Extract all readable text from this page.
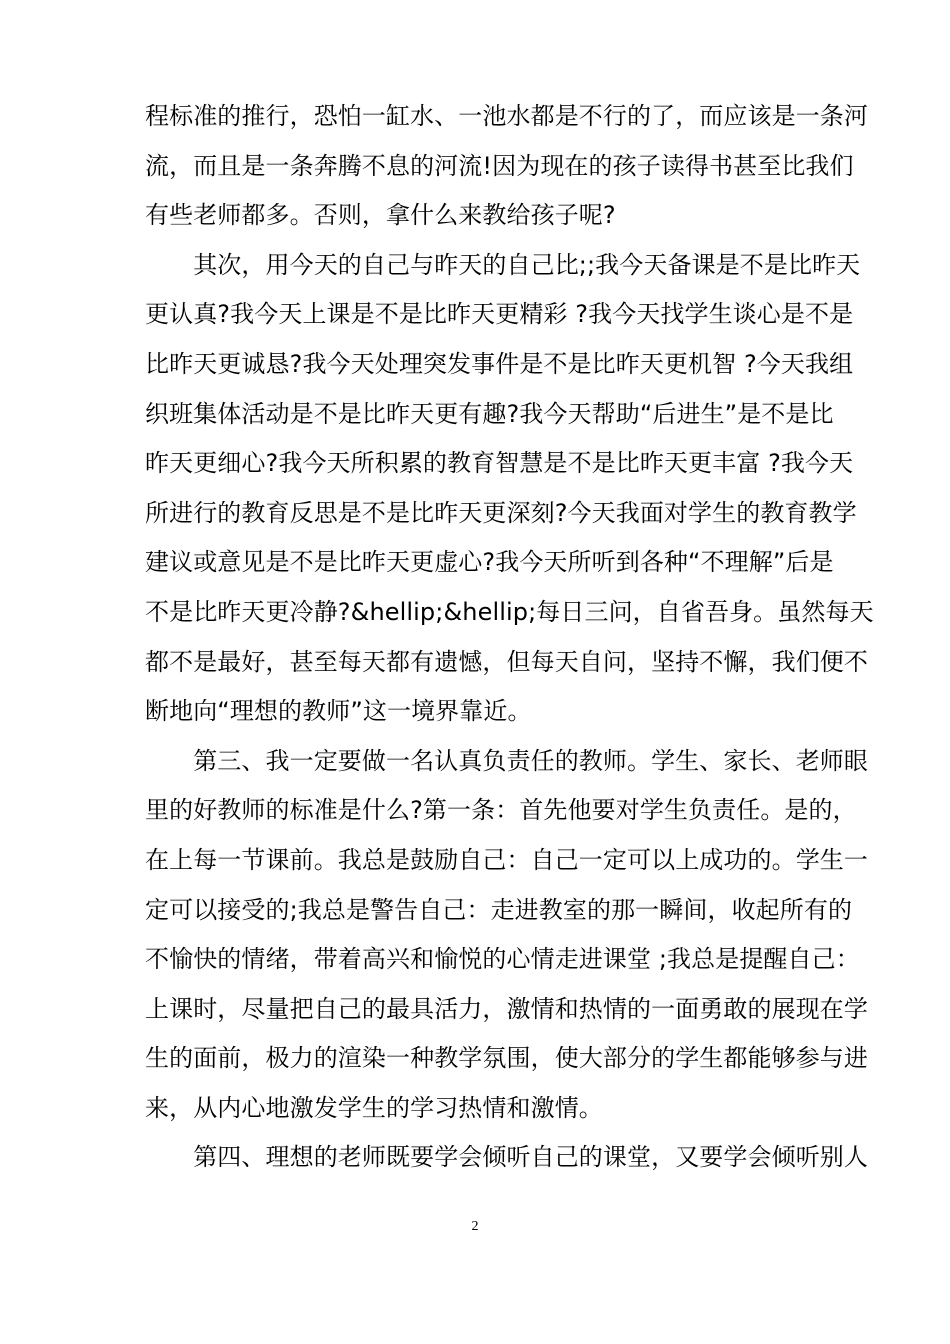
程标准的推行，恐怕一缸水、一池水都是不行的了，而应该是一条河
流，而且是一条奔腾不息的河流!因为现在的孩子读得书甚至比我们
有些老师都多。否则，拿什么来教给孩子呢?
　　其次，用今天的自己与昨天的自己比;;我今天备课是不是比昨天
更认真?我今天上课是不是比昨天更精彩 ?我今天找学生谈心是不是
比昨天更诚恳?我今天处理突发事件是不是比昨天更机智 ?今天我组
织班集体活动是不是比昨天更有趣?我今天帮助“后进生”是不是比
昨天更细心?我今天所积累的教育智慧是不是比昨天更丰富 ?我今天
所进行的教育反思是不是比昨天更深刻?今天我面对学生的教育教学
建议或意见是不是比昨天更虚心?我今天所听到各种“不理解”后是
不是比昨天更冷静?&hellip;&hellip;每日三问，自省吾身。虽然每天
都不是最好，甚至每天都有遗憾，但每天自问，坚持不懈，我们便不
断地向“理想的教师”这一境界靠近。
　　第三、我一定要做一名认真负责任的教师。学生、家长、老师眼
里的好教师的标准是什么?第一条：首先他要对学生负责任。是的，
在上每一节课前。我总是鼓励自己：自己一定可以上成功的。学生一
定可以接受的;我总是警告自己：走进教室的那一瞬间，收起所有的
不愉快的情绪，带着高兴和愉悦的心情走进课堂 ;我总是提醒自己：
上课时，尽量把自己的最具活力，激情和热情的一面勇敢的展现在学
生的面前，极力的渲染一种教学氛围，使大部分的学生都能够参与进
来，从内心地激发学生的学习热情和激情。
　　第四、理想的老师既要学会倾听自己的课堂，又要学会倾听别人
2
